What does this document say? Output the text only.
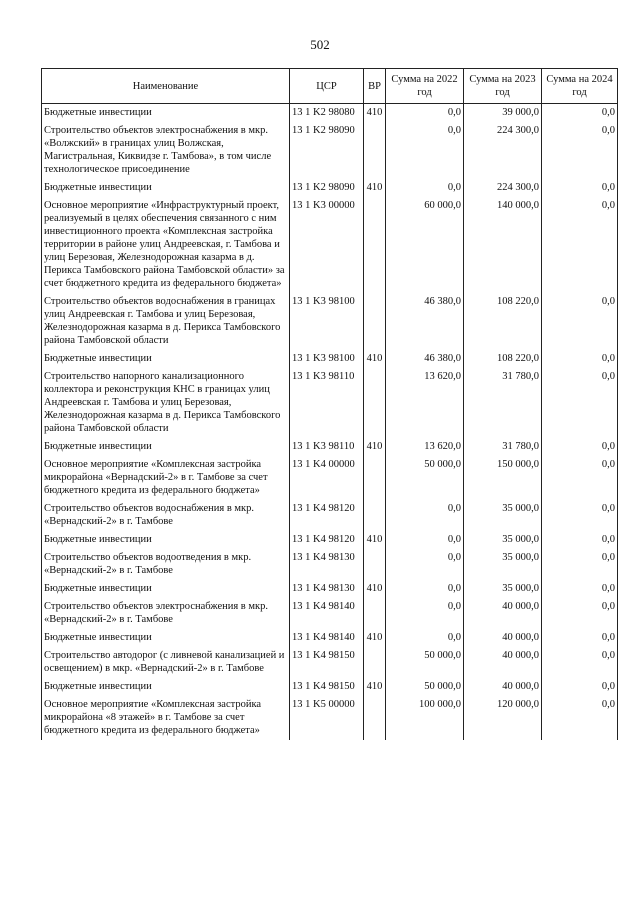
502
Наименование	ЦСР	ВР	Сумма на 2022 год	Сумма на 2023 год	Сумма на 2024 год
Бюджетные инвестиции	13 1 K2 98080	410	0,0	39 000,0	0,0
Строительство объектов электроснабжения в мкр. «Волжский» в границах улиц Волжская, Магистральная, Киквидзе г. Тамбова», в том числе технологическое присоединение	13 1 K2 98090		0,0	224 300,0	0,0
Бюджетные инвестиции	13 1 K2 98090	410	0,0	224 300,0	0,0
Основное мероприятие «Инфраструктурный проект, реализуемый в целях обеспечения связанного с ним инвестиционного проекта «Комплексная застройка территории в районе улиц Андреевская, г. Тамбова и улиц Березовая, Железнодорожная казарма в д. Перикса Тамбовского района Тамбовской области» за счет бюджетного кредита из федерального бюджета»	13 1 K3 00000		60 000,0	140 000,0	0,0
Строительство объектов водоснабжения в границах улиц Андреевская г. Тамбова и улиц Березовая, Железнодорожная казарма в д. Перикса Тамбовского района Тамбовской области	13 1 K3 98100		46 380,0	108 220,0	0,0
Бюджетные инвестиции	13 1 K3 98100	410	46 380,0	108 220,0	0,0
Строительство напорного канализационного коллектора и реконструкция КНС в границах улиц Андреевская г. Тамбова и улиц Березовая, Железнодорожная казарма в д. Перикса Тамбовского района Тамбовской области	13 1 K3 98110		13 620,0	31 780,0	0,0
Бюджетные инвестиции	13 1 K3 98110	410	13 620,0	31 780,0	0,0
Основное мероприятие «Комплексная застройка микрорайона «Вернадский-2» в г. Тамбове за счет бюджетного кредита из федерального бюджета»	13 1 K4 00000		50 000,0	150 000,0	0,0
Строительство объектов водоснабжения в мкр. «Вернадский-2» в г. Тамбове	13 1 K4 98120		0,0	35 000,0	0,0
Бюджетные инвестиции	13 1 K4 98120	410	0,0	35 000,0	0,0
Строительство объектов водоотведения в мкр. «Вернадский-2» в г. Тамбове	13 1 K4 98130		0,0	35 000,0	0,0
Бюджетные инвестиции	13 1 K4 98130	410	0,0	35 000,0	0,0
Строительство объектов электроснабжения в мкр. «Вернадский-2» в г. Тамбове	13 1 K4 98140		0,0	40 000,0	0,0
Бюджетные инвестиции	13 1 K4 98140	410	0,0	40 000,0	0,0
Строительство автодорог (с ливневой канализацией и освещением) в мкр. «Вернадский-2» в г. Тамбове	13 1 K4 98150		50 000,0	40 000,0	0,0
Бюджетные инвестиции	13 1 K4 98150	410	50 000,0	40 000,0	0,0
Основное мероприятие «Комплексная застройка микрорайона «8 этажей» в г. Тамбове за счет бюджетного кредита из федерального бюджета»	13 1 K5 00000		100 000,0	120 000,0	0,0
